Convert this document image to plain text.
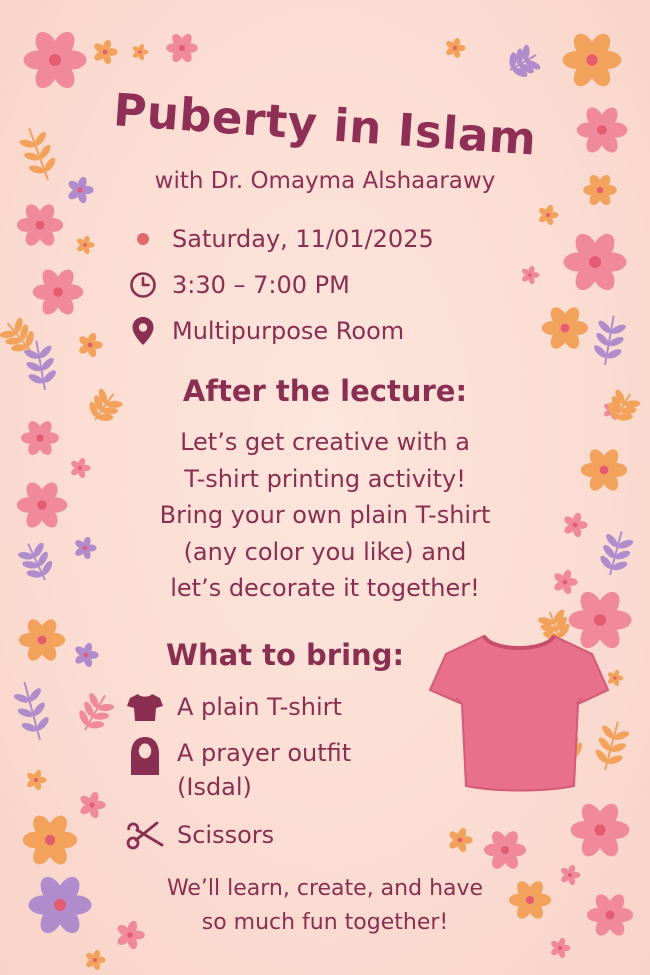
Puberty in Islam
with Dr. Omayma Alshaarawy
Saturday, 11/01/2025
3:30 – 7:00 PM
Multipurpose Room
After the lecture:
Let’s get creative with a
T-shirt printing activity!
Bring your own plain T-shirt
(any color you like) and
let’s decorate it together!
What to bring:
A plain T-shirt
A prayer outfit
(Isdal)
Scissors
We’ll learn, create, and have
so much fun together!
